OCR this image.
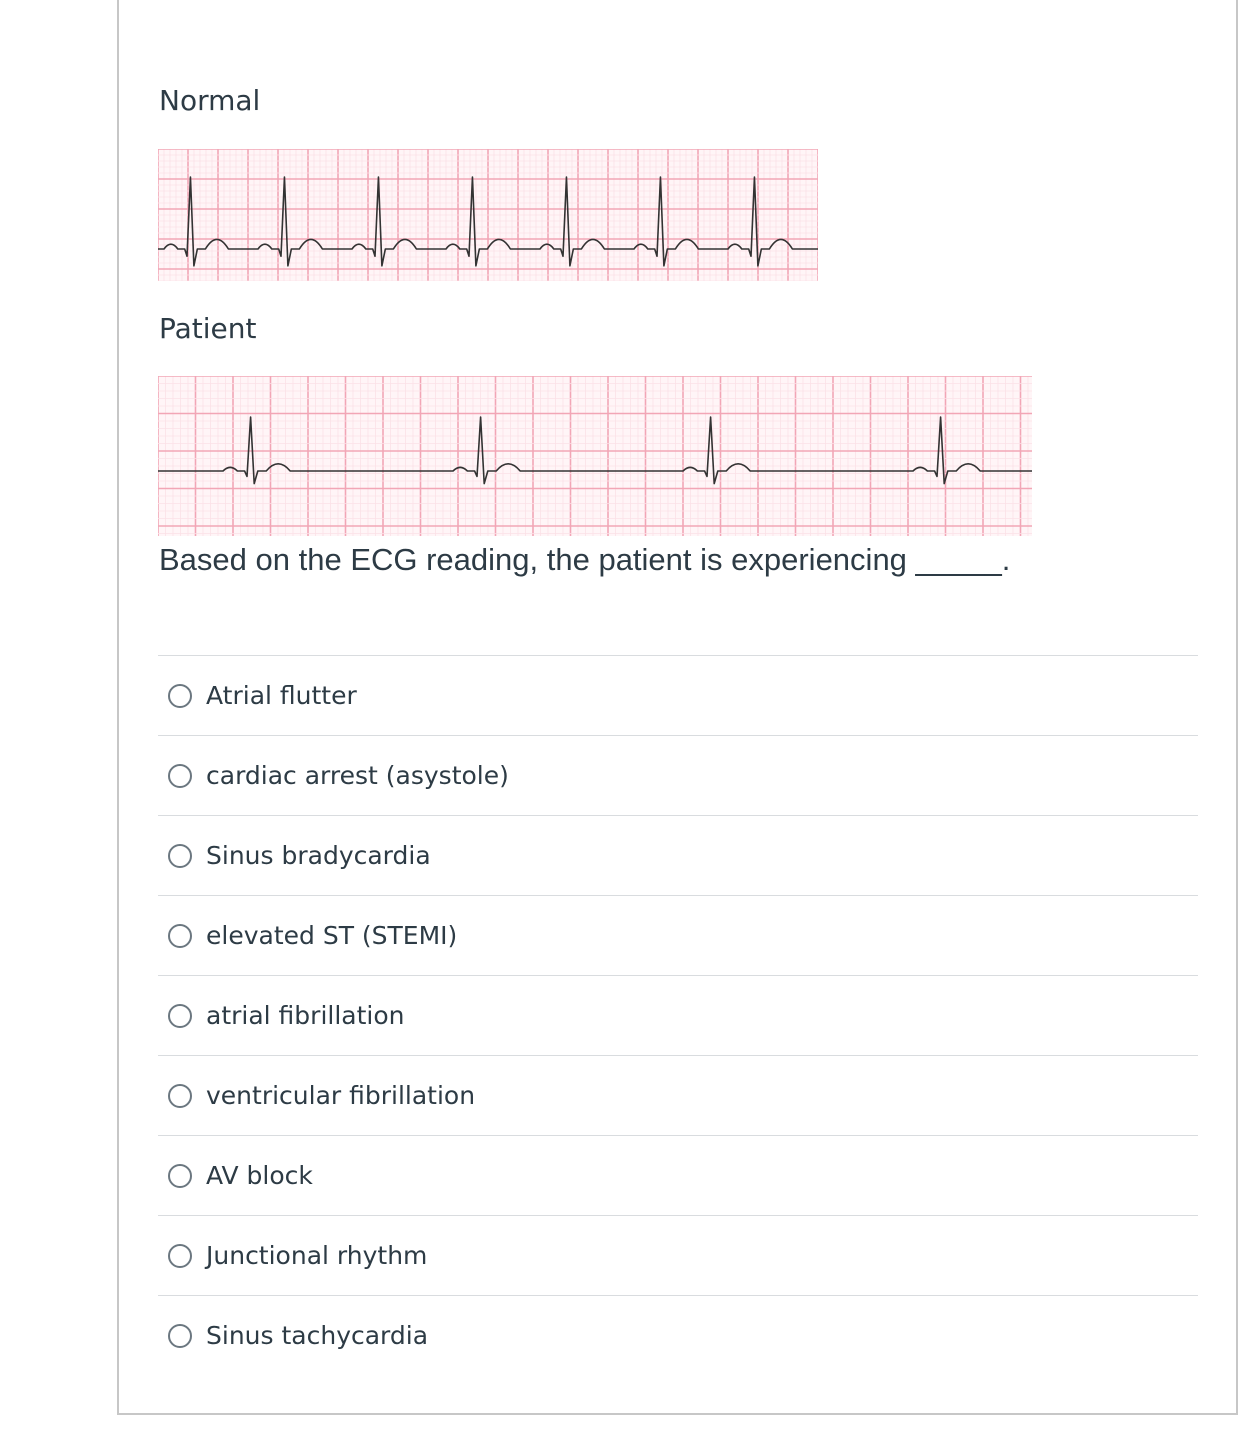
Normal
Patient
Based on the ECG reading, the patient is experiencing _____.
Atrial flutter
cardiac arrest (asystole)
Sinus bradycardia
elevated ST (STEMI)
atrial fibrillation
ventricular fibrillation
AV block
Junctional rhythm
Sinus tachycardia
